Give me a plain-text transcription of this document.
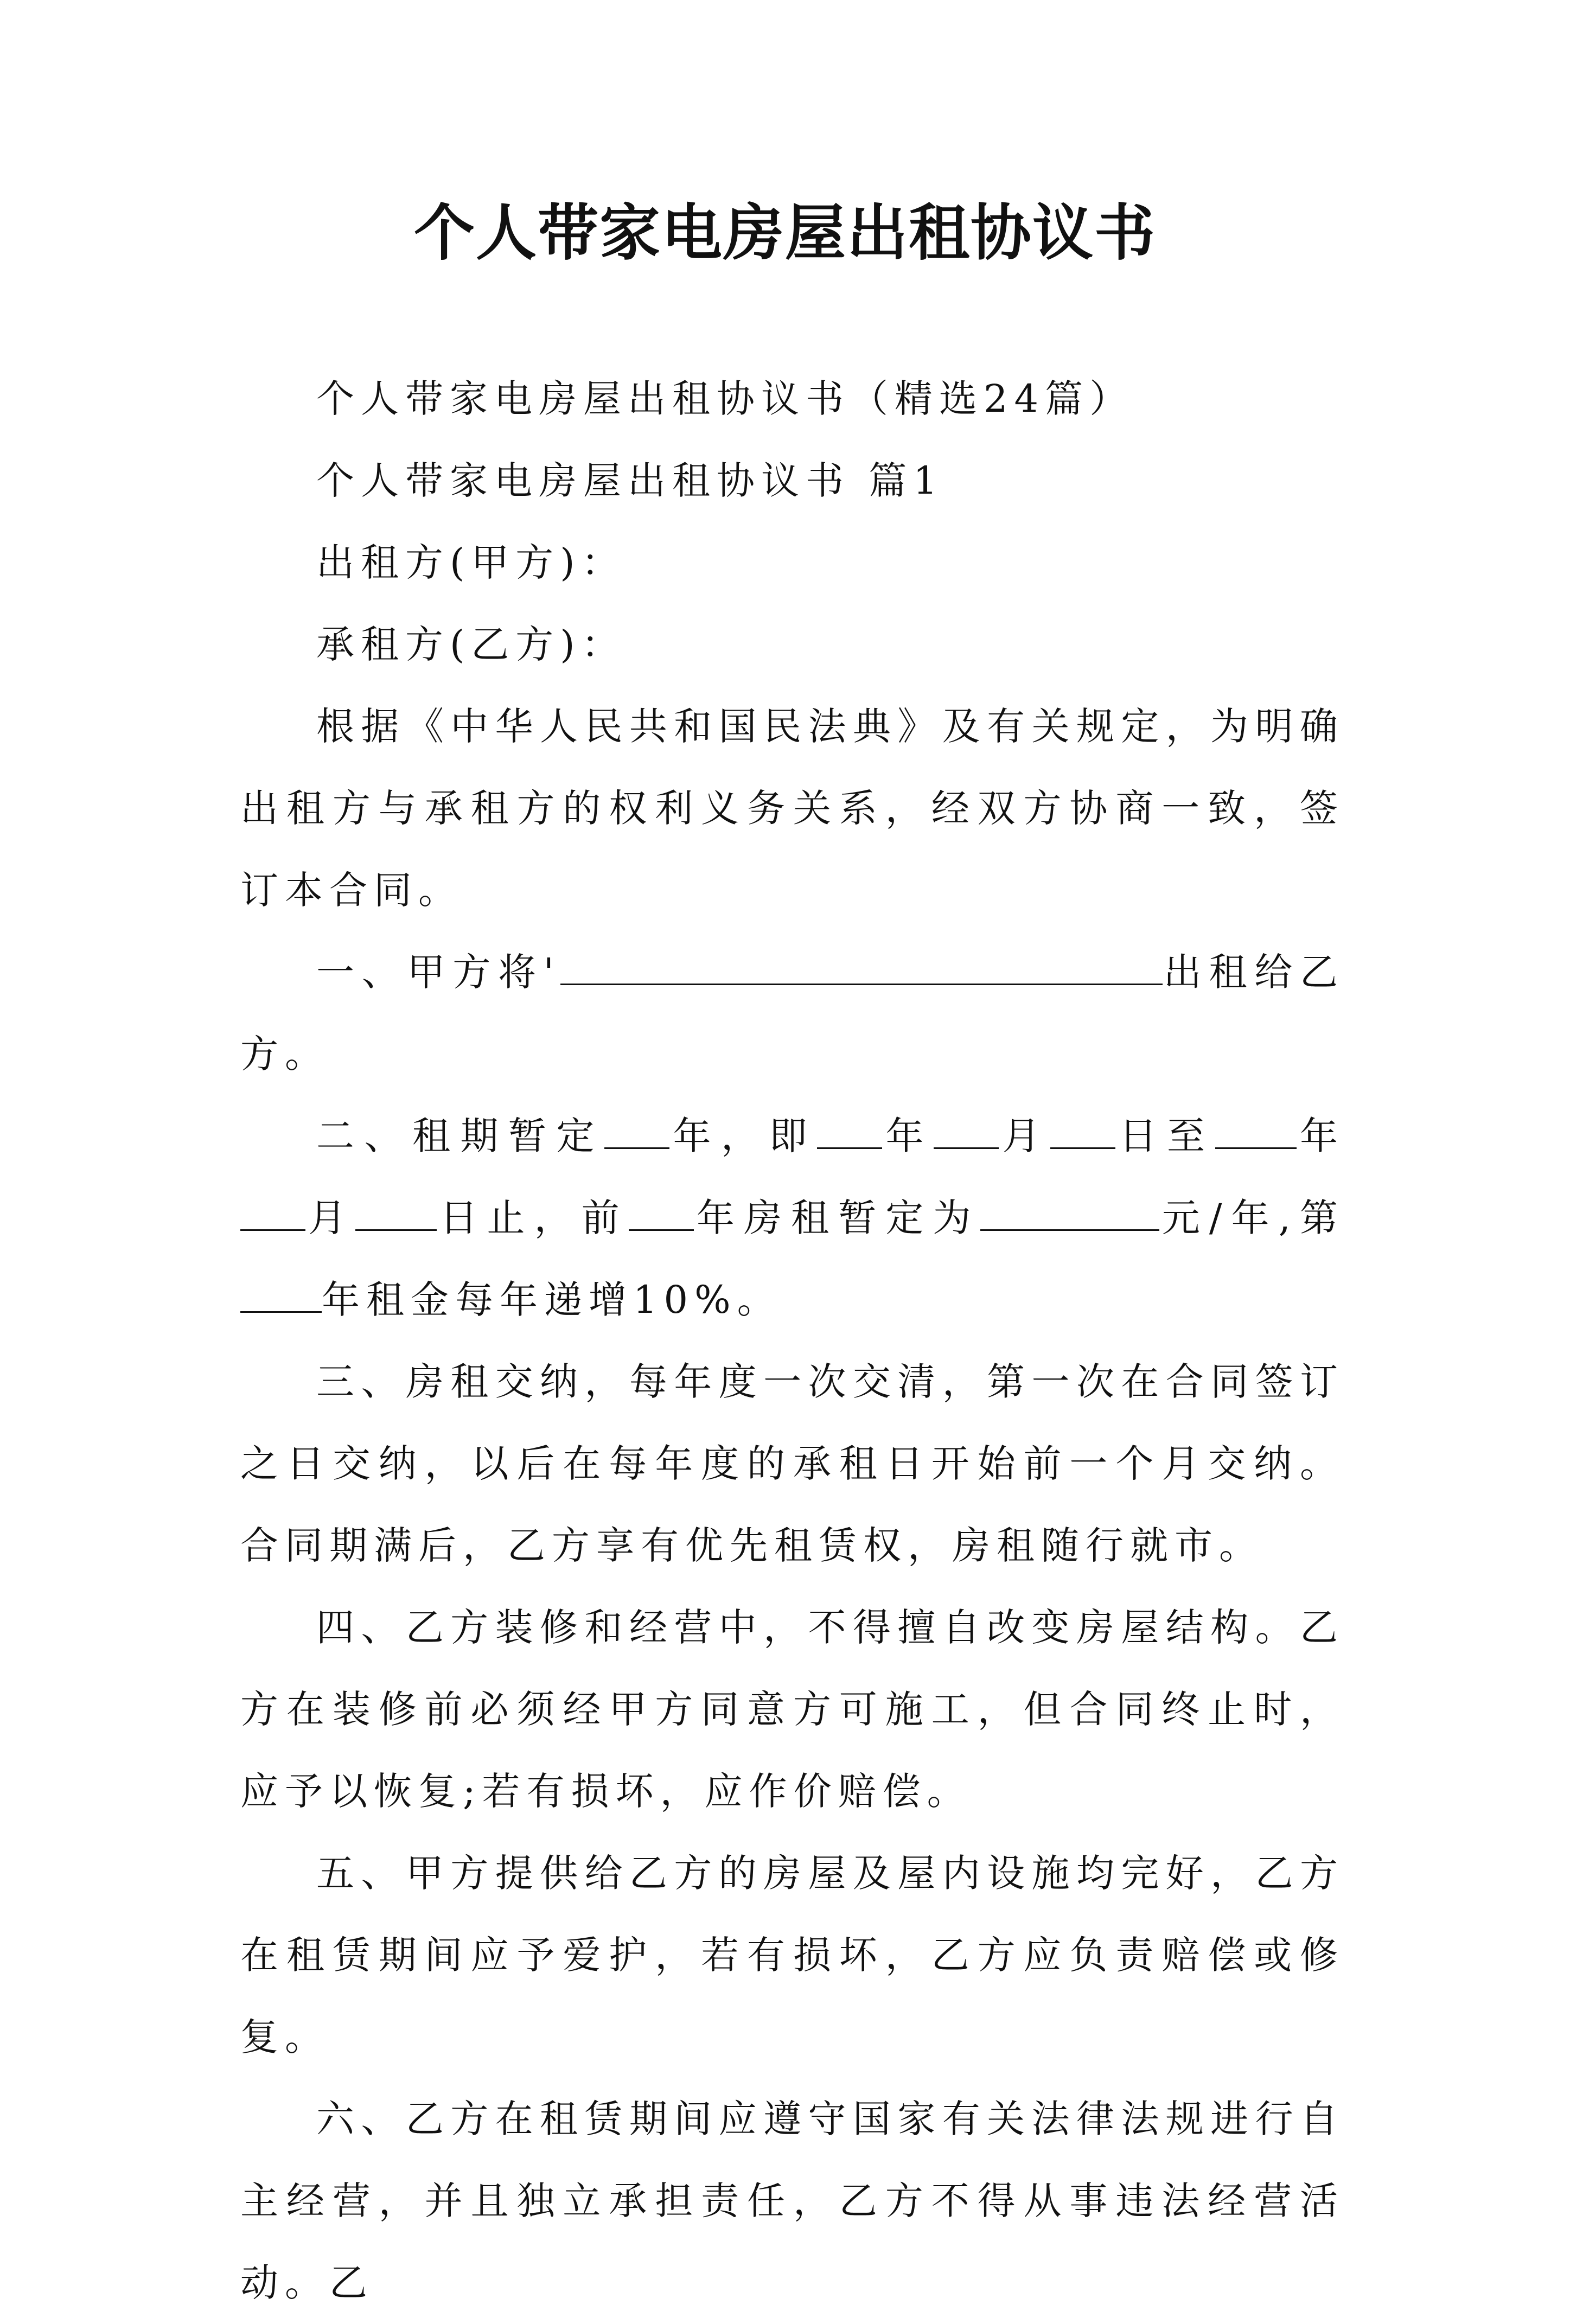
个人带家电房屋出租协议书

个人带家电房屋出租协议书（精选24篇）

个人带家电房屋出租协议书 篇1

出租方(甲方)：

承租方(乙方)：

根据《中华人民共和国民法典》及有关规定，为明确出租方与承租方的权利义务关系，经双方协商一致，签订本合同。

一、甲方将'	出租给乙方。

二、租期暂定 年，即 年 月 日至 年月 日止，前 年房租暂定为	元/年,第年租金每年递增10%。

三、房租交纳，每年度一次交清，第一次在合同签订之日交纳，以后在每年度的承租日开始前一个月交纳。合同期满后，乙方享有优先租赁权，房租随行就市。

四、乙方装修和经营中，不得擅自改变房屋结构。乙方在装修前必须经甲方同意方可施工，但合同终止时，应予以恢复;若有损坏，应作价赔偿。

五、甲方提供给乙方的房屋及屋内设施均完好，乙方在租赁期间应予爱护，若有损坏，乙方应负责赔偿或修复。

六、乙方在租赁期间应遵守国家有关法律法规进行自主经营，并且独立承担责任，乙方不得从事违法经营活动。乙
